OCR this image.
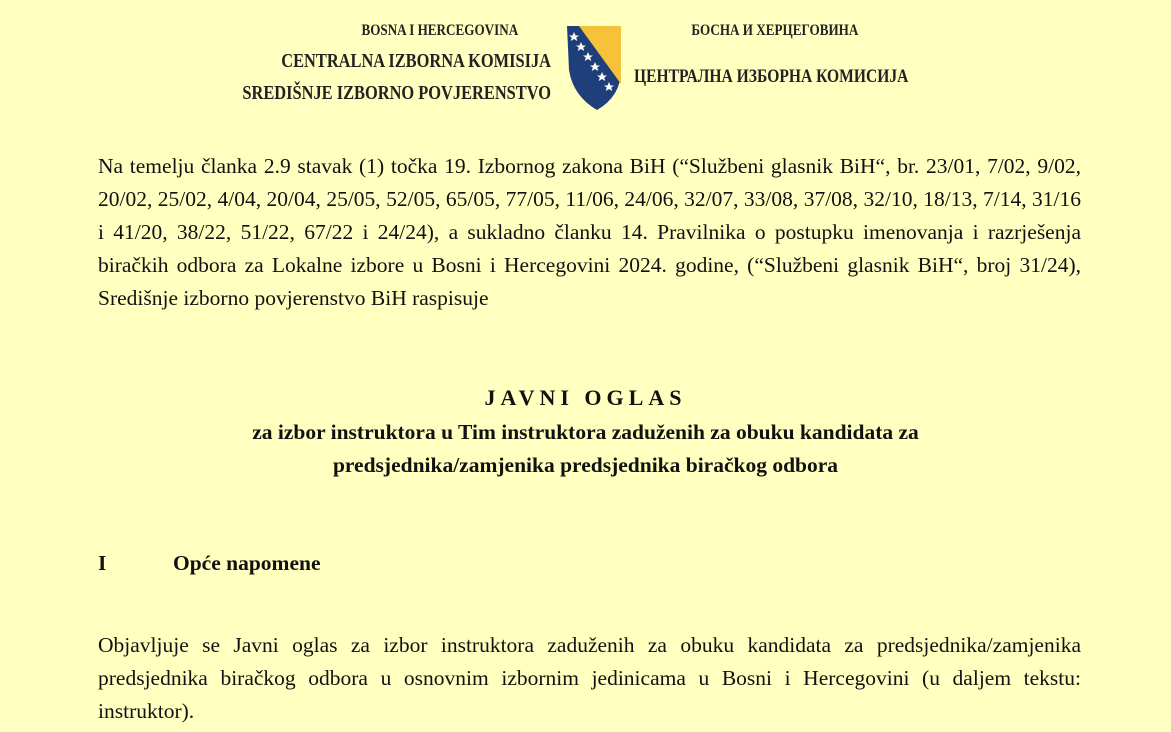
BOSNA I HERCEGOVINA
CENTRALNA IZBORNA KOMISIJA
SREDIŠNJE IZBORNO POVJERENSTVO
БОСНА И ХЕРЦЕГОВИНА
ЦЕНТРАЛНА ИЗБОРНА КОМИСИЈА
Na temelju članka 2.9 stavak (1) točka 19. Izbornog zakona BiH (“Službeni glasnik BiH“, br. 23/01, 7/02, 9/02, 20/02, 25/02, 4/04, 20/04, 25/05, 52/05, 65/05, 77/05, 11/06, 24/06, 32/07, 33/08, 37/08, 32/10, 18/13, 7/14, 31/16 i 41/20, 38/22, 51/22, 67/22 i 24/24), a sukladno članku 14. Pravilnika o postupku imenovanja i razrješenja biračkih odbora za Lokalne izbore u Bosni i Hercegovini 2024. godine, (“Službeni glasnik BiH“, broj 31/24), Središnje izborno povjerenstvo BiH raspisuje
JAVNI OGLAS
za izbor instruktora u Tim instruktora zaduženih za obuku kandidata za
predsjednika/zamjenika predsjednika biračkog odbora
I	Opće napomene
Objavljuje se Javni oglas za izbor instruktora zaduženih za obuku kandidata za predsjednika/zamjenika predsjednika biračkog odbora u osnovnim izbornim jedinicama u Bosni i Hercegovini (u daljem tekstu: instruktor).
